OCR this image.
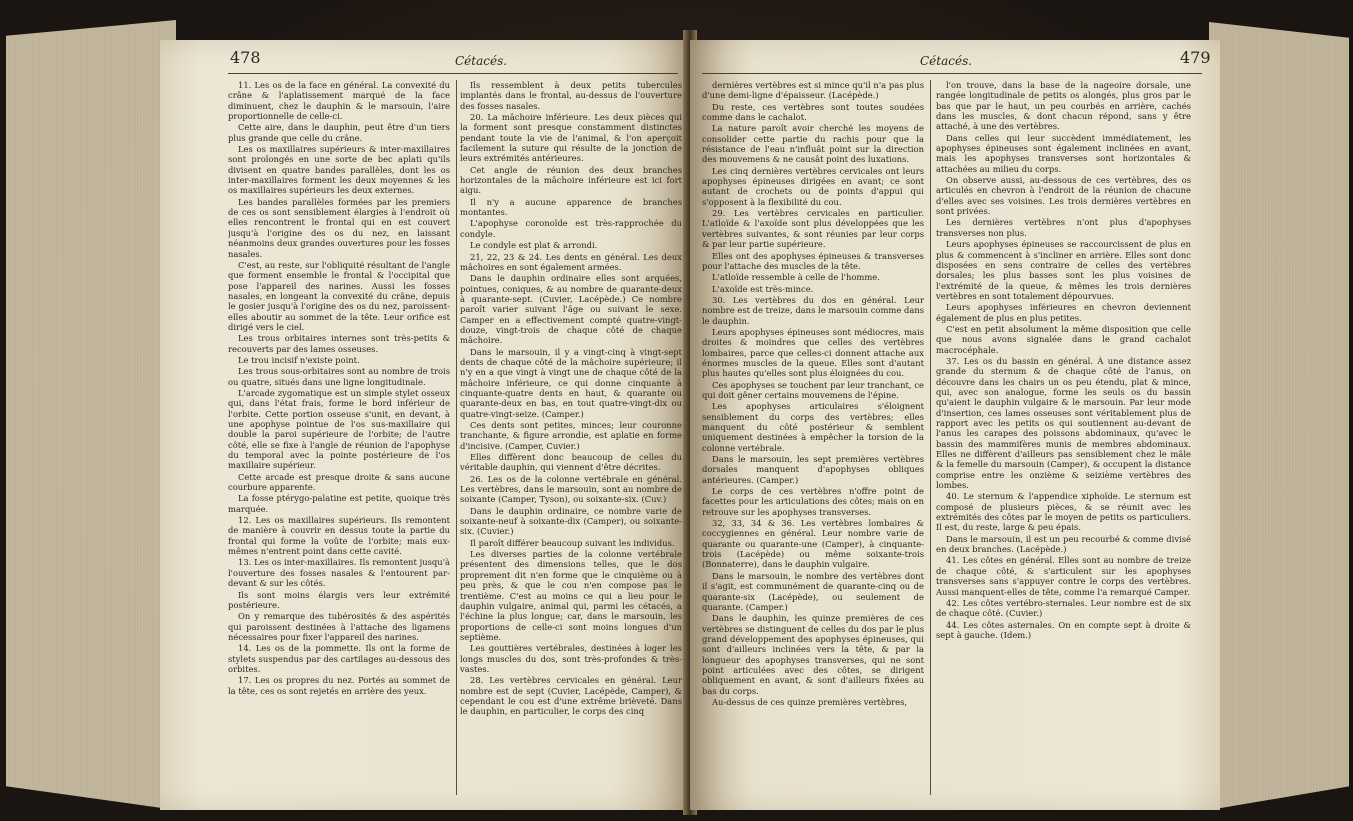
478	Cétacés.

11. Les os de la face en général. La convexité du crâne & l'aplatissement marqué de la face diminuent, chez le dauphin & le marsouin, l'aire proportionnelle de celle-ci.

Cette aire, dans le dauphin, peut être d'un tiers plus grande que celle du crâne.

Les os maxillaires supérieurs & inter-maxillaires sont prolongés en une sorte de bec aplati qu'ils divisent en quatre bandes parallèles, dont les os inter-maxillaires forment les deux moyennes & les os maxillaires supérieurs les deux externes.

Les bandes parallèles formées par les premiers de ces os sont sensiblement élargies à l'endroit où elles rencontrent le frontal qui en est couvert jusqu'à l'origine des os du nez, en laissant néanmoins deux grandes ouvertures pour les fosses nasales.

C'est, au reste, sur l'obliquité résultant de l'angle que forment ensemble le frontal & l'occipital que pose l'appareil des narines. Aussi les fosses nasales, en longeant la convexité du crâne, depuis le gosier jusqu'à l'origine des os du nez, paroissent-elles aboutir au sommet de la tête. Leur orifice est dirigé vers le ciel.

Les trous orbitaires internes sont très-petits & recouverts par des lames osseuses.

Le trou incisif n'existe point.

Les trous sous-orbitaires sont au nombre de trois ou quatre, situés dans une ligne longitudinale.

L'arcade zygomatique est un simple stylet osseux qui, dans l'état frais, forme le bord inférieur de l'orbite. Cette portion osseuse s'unit, en devant, à une apophyse pointue de l'os sus-maxillaire qui double la paroi supérieure de l'orbite; de l'autre côté, elle se fixe à l'angle de réunion de l'apophyse du temporal avec la pointe postérieure de l'os maxillaire supérieur.

Cette arcade est presque droite & sans aucune courbure apparente.

La fosse ptérygo-palatine est petite, quoique très marquée.

12. Les os maxillaires supérieurs. Ils remontent de manière à couvrir en dessus toute la partie du frontal qui forme la voûte de l'orbite; mais eux-mêmes n'entrent point dans cette cavité.

13. Les os inter-maxillaires. Ils remontent jusqu'à l'ouverture des fosses nasales & l'entourent par-devant & sur les côtés.

Ils sont moins élargis vers leur extrémité postérieure.

On y remarque des tubérosités & des aspérités qui paroissent destinées à l'attache des ligamens nécessaires pour fixer l'appareil des narines.

14. Les os de la pommette. Ils ont la forme de stylets suspendus par des cartilages au-dessous des orbites.

17. Les os propres du nez. Portés au sommet de la tête, ces os sont rejetés en arrière des yeux.

Ils ressemblent à deux petits tubercules implantés dans le frontal, au-dessus de l'ouverture des fosses nasales.

20. La mâchoire inférieure. Les deux pièces qui la forment sont presque constamment distinctes pendant toute la vie de l'animal, & l'on aperçoit facilement la suture qui résulte de la jonction de leurs extrémités antérieures.

Cet angle de réunion des deux branches horizontales de la mâchoire inférieure est ici fort aigu.

Il n'y a aucune apparence de branches montantes.

L'apophyse coronoïde est très-rapprochée du condyle.

Le condyle est plat & arrondi.

21, 22, 23 & 24. Les dents en général. Les deux mâchoires en sont également armées.

Dans le dauphin ordinaire elles sont arquées, pointues, coniques, & au nombre de quarante-deux à quarante-sept. (Cuvier, Lacépède.) Ce nombre paroît varier suivant l'âge ou suivant le sexe. Camper en a effectivement compté quatre-vingt-douze, vingt-trois de chaque côté de chaque mâchoire.

Dans le marsouin, il y a vingt-cinq à vingt-sept dents de chaque côté de la mâchoire supérieure; il n'y en a que vingt à vingt une de chaque côté de la mâchoire inférieure, ce qui donne cinquante à cinquante-quatre dents en haut, & quarante ou quarante-deux en bas, en tout quatre-vingt-dix ou quatre-vingt-seize. (Camper.)

Ces dents sont petites, minces; leur couronne tranchante, & figure arrondie, est aplatie en forme d'incisive. (Camper, Cuvier.)

Elles diffèrent donc beaucoup de celles du véritable dauphin, qui viennent d'être décrites.

26. Les os de la colonne vertébrale en général. Les vertèbres, dans le marsouin, sont au nombre de soixante (Camper, Tyson), ou soixante-six. (Cuv.)

Dans le dauphin ordinaire, ce nombre varie de soixante-neuf à soixante-dix (Camper), ou soixante-six. (Cuvier.)

Il paroît différer beaucoup suivant les individus.

Les diverses parties de la colonne vertébrale présentent des dimensions telles, que le dos proprement dit n'en forme que le cinquième ou à peu près, & que le cou n'en compose pas le trentième. C'est au moins ce qui a lieu pour le dauphin vulgaire, animal qui, parmi les cétacés, a l'échine la plus longue; car, dans le marsouin, les proportions de celle-ci sont moins longues d'un septième.

Les gouttières vertébrales, destinées à loger les longs muscles du dos, sont très-profondes & très-vastes.

28. Les vertèbres cervicales en général. Leur nombre est de sept (Cuvier, Lacépède, Camper), & cependant le cou est d'une extrême brièveté. Dans le dauphin, en particulier, le corps des cinq

Cétacés.	479

dernières vertèbres est si mince qu'il n'a pas plus d'une demi-ligne d'épaisseur. (Lacépède.)

Du reste, ces vertèbres sont toutes soudées comme dans le cachalot.

La nature paroît avoir cherché les moyens de consolider cette partie du rachis pour que la résistance de l'eau n'influât point sur la direction des mouvemens & ne causât point des luxations.

Les cinq dernières vertèbres cervicales ont leurs apophyses épineuses dirigées en avant; ce sont autant de crochets ou de points d'appui qui s'opposent à la flexibilité du cou.

29. Les vertèbres cervicales en particulier. L'atloïde & l'axoïde sont plus développées que les vertèbres suivantes, & sont réunies par leur corps & par leur partie supérieure.

Elles ont des apophyses épineuses & transverses pour l'attache des muscles de la tête.

L'atloïde ressemble à celle de l'homme.

L'axoïde est très-mince.

30. Les vertèbres du dos en général. Leur nombre est de treize, dans le marsouin comme dans le dauphin.

Leurs apophyses épineuses sont médiocres, mais droites & moindres que celles des vertèbres lombaires, parce que celles-ci donnent attache aux énormes muscles de la queue. Elles sont d'autant plus hautes qu'elles sont plus éloignées du cou.

Ces apophyses se touchent par leur tranchant, ce qui doit gêner certains mouvemens de l'épine.

Les apophyses articulaires s'éloignent sensiblement du corps des vertèbres; elles manquent du côté postérieur & semblent uniquement destinées à empêcher la torsion de la colonne vertébrale.

Dans le marsouin, les sept premières vertèbres dorsales manquent d'apophyses obliques antérieures. (Camper.)

Le corps de ces vertèbres n'offre point de facettes pour les articulations des côtes; mais on en retrouve sur les apophyses transverses.

32, 33, 34 & 36. Les vertèbres lombaires & coccygiennes en général. Leur nombre varie de quarante ou quarante-une (Camper), à cinquante-trois (Lacépède) ou même soixante-trois (Bonnaterre), dans le dauphin vulgaire.

Dans le marsouin, le nombre des vertèbres dont il s'agit, est communément de quarante-cinq ou de quarante-six (Lacépède), ou seulement de quarante. (Camper.)

Dans le dauphin, les quinze premières de ces vertèbres se distinguent de celles du dos par le plus grand développement des apophyses épineuses, qui sont d'ailleurs inclinées vers la tête, & par la longueur des apophyses transverses, qui ne sont point articulées avec des côtes, se dirigent obliquement en avant, & sont d'ailleurs fixées au bas du corps.

Au-dessus de ces quinze premières vertèbres,

l'on trouve, dans la base de la nageoire dorsale, une rangée longitudinale de petits os alongés, plus gros par le bas que par le haut, un peu courbés en arrière, cachés dans les muscles, & dont chacun répond, sans y être attaché, à une des vertèbres.

Dans celles qui leur succèdent immédiatement, les apophyses épineuses sont également inclinées en avant, mais les apophyses transverses sont horizontales & attachées au milieu du corps.

On observe aussi, au-dessous de ces vertèbres, des os articulés en chevron à l'endroit de la réunion de chacune d'elles avec ses voisines. Les trois dernières vertèbres en sont privées.

Les dernières vertèbres n'ont plus d'apophyses transverses non plus.

Leurs apophyses épineuses se raccourcissent de plus en plus & commencent à s'incliner en arrière. Elles sont donc disposées en sens contraire de celles des vertèbres dorsales; les plus basses sont les plus voisines de l'extrémité de la queue, & mêmes les trois dernières vertèbres en sont totalement dépourvues.

Leurs apophyses inférieures en chevron deviennent également de plus en plus petites.

C'est en petit absolument la même disposition que celle que nous avons signalée dans le grand cachalot macrocéphale.

37. Les os du bassin en général. À une distance assez grande du sternum & de chaque côté de l'anus, on découvre dans les chairs un os peu étendu, plat & mince, qui, avec son analogue, forme les seuls os du bassin qu'aient le dauphin vulgaire & le marsouin. Par leur mode d'insertion, ces lames osseuses sont véritablement plus de rapport avec les petits os qui soutiennent au-devant de l'anus les carapes des poissons abdominaux, qu'avec le bassin des mammifères munis de membres abdominaux. Elles ne diffèrent d'ailleurs pas sensiblement chez le mâle & la femelle du marsouin (Camper), & occupent la distance comprise entre les onzième & seizième vertèbres des lombes.

40. Le sternum & l'appendice xiphoïde. Le sternum est composé de plusieurs pièces, & se réunit avec les extrémités des côtes par le moyen de petits os particuliers. Il est, du reste, large & peu épais.

Dans le marsouin, il est un peu recourbé & comme divisé en deux branches. (Lacépède.)

41. Les côtes en général. Elles sont au nombre de treize de chaque côté, & s'articulent sur les apophyses transverses sans s'appuyer contre le corps des vertèbres. Aussi manquent-elles de tête, comme l'a remarqué Camper.

42. Les côtes vertébro-sternales. Leur nombre est de six de chaque côté. (Cuvier.)

44. Les côtes asternales. On en compte sept à droite & sept à gauche. (Idem.)
